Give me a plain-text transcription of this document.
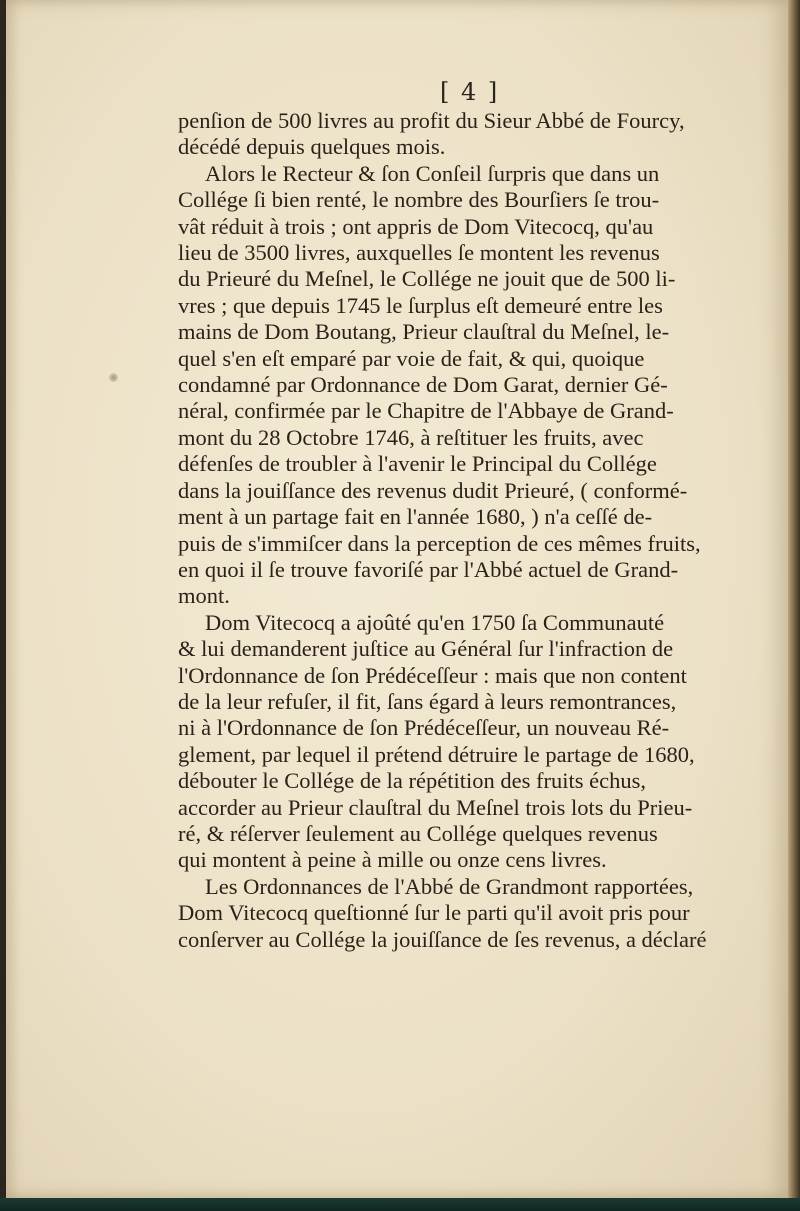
[ 4 ]
penſion de 500 livres au profit du Sieur Abbé de Fourcy,
décédé depuis quelques mois.
Alors le Recteur & ſon Conſeil ſurpris que dans un
Collége ſi bien renté, le nombre des Bourſiers ſe trou-
vât réduit à trois ; ont appris de Dom Vitecocq, qu'au
lieu de 3500 livres, auxquelles ſe montent les revenus
du Prieuré du Meſnel, le Collége ne jouit que de 500 li-
vres ; que depuis 1745 le ſurplus eſt demeuré entre les
mains de Dom Boutang, Prieur clauſtral du Meſnel, le-
quel s'en eſt emparé par voie de fait, & qui, quoique
condamné par Ordonnance de Dom Garat, dernier Gé-
néral, confirmée par le Chapitre de l'Abbaye de Grand-
mont du 28 Octobre 1746, à reſtituer les fruits, avec
défenſes de troubler à l'avenir le Principal du Collége
dans la jouiſſance des revenus dudit Prieuré, ( conformé-
ment à un partage fait en l'année 1680, ) n'a ceſſé de-
puis de s'immiſcer dans la perception de ces mêmes fruits,
en quoi il ſe trouve favoriſé par l'Abbé actuel de Grand-
mont.
Dom Vitecocq a ajoûté qu'en 1750 ſa Communauté
& lui demanderent juſtice au Général ſur l'infraction de
l'Ordonnance de ſon Prédéceſſeur : mais que non content
de la leur refuſer, il fit, ſans égard à leurs remontrances,
ni à l'Ordonnance de ſon Prédéceſſeur, un nouveau Ré-
glement, par lequel il prétend détruire le partage de 1680,
débouter le Collége de la répétition des fruits échus,
accorder au Prieur clauſtral du Meſnel trois lots du Prieu-
ré, & réſerver ſeulement au Collége quelques revenus
qui montent à peine à mille ou onze cens livres.
Les Ordonnances de l'Abbé de Grandmont rapportées,
Dom Vitecocq queſtionné ſur le parti qu'il avoit pris pour
conſerver au Collége la jouiſſance de ſes revenus, a déclaré
